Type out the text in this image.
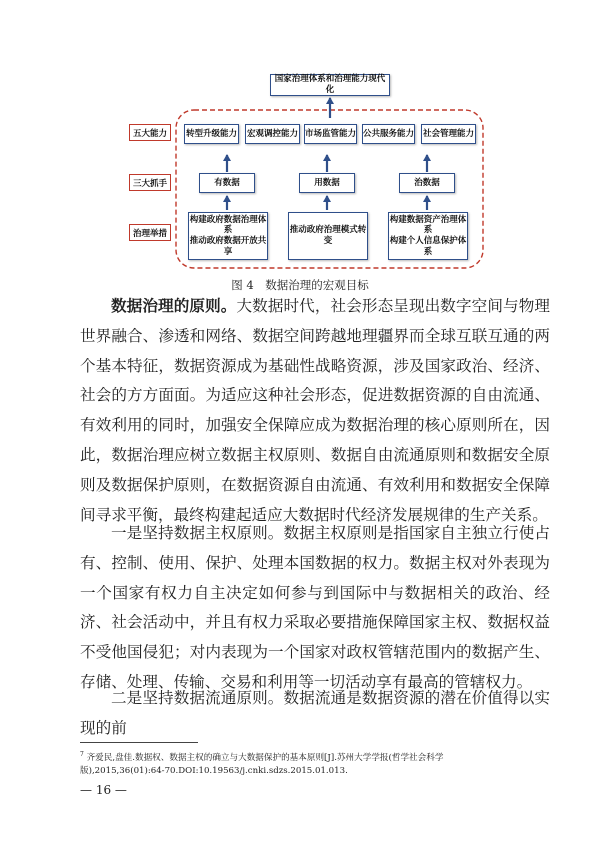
国家治理体系和治理能力现代化
五大能力
三大抓手
治理举措
转型升级能力 宏观调控能力 市场监管能力 公共服务能力 社会管理能力
有数据	用数据	治数据
构建政府数据治理体系
推动政府数据开放共享
推动政府治理模式转变
构建数据资产治理体系
构建个人信息保护体系
图 4　数据治理的宏观目标

数据治理的原则。大数据时代，社会形态呈现出数字空间与物理世界融合、渗透和网络、数据空间跨越地理疆界而全球互联互通的两个基本特征，数据资源成为基础性战略资源，涉及国家政治、经济、社会的方方面面。为适应这种社会形态，促进数据资源的自由流通、有效利用的同时，加强安全保障应成为数据治理的核心原则所在，因此，数据治理应树立数据主权原则、数据自由流通原则和数据安全原则及数据保护原则，在数据资源自由流通、有效利用和数据安全保障间寻求平衡，最终构建起适应大数据时代经济发展规律的生产关系。

一是坚持数据主权原则。数据主权原则是指国家自主独立行使占有、控制、使用、保护、处理本国数据的权力。数据主权对外表现为一个国家有权力自主决定如何参与到国际中与数据相关的政治、经济、社会活动中，并且有权力采取必要措施保障国家主权、数据权益不受他国侵犯；对内表现为一个国家对政权管辖范围内的数据产生、存储、处理、传输、交易和利用等一切活动享有最高的管辖权力。

二是坚持数据流通原则。数据流通是数据资源的潜在价值得以实现的前

$^7$ 齐爱民,盘佳.数据权、数据主权的确立与大数据保护的基本原则[J].苏州大学学报(哲学社会科学版),2015,36(01):64-70.DOI:10.19563/j.cnki.sdzs.2015.01.013.
— 16 —
